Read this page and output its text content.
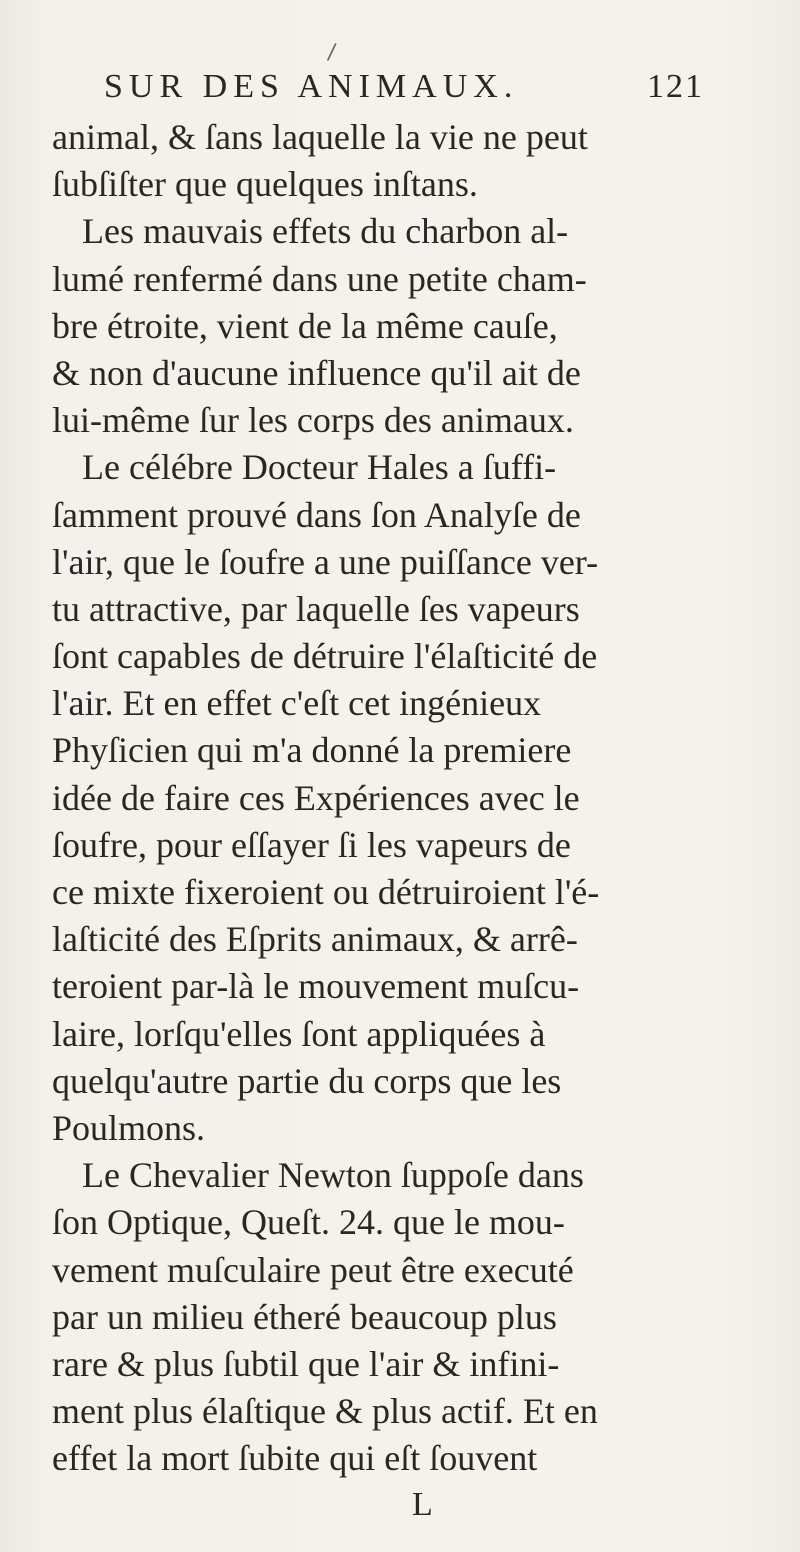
/
SUR DES ANIMAUX.	121
animal, & ſans laquelle la vie ne peut
ſubſiſter que quelques inſtans.
Les mauvais effets du charbon al-
lumé renfermé dans une petite cham-
bre étroite, vient de la même cauſe,
& non d'aucune influence qu'il ait de
lui-même ſur les corps des animaux.
Le célébre Docteur Hales a ſuffi-
ſamment prouvé dans ſon Analyſe de
l'air, que le ſoufre a une puiſſance ver-
tu attractive, par laquelle ſes vapeurs
ſont capables de détruire l'élaſticité de
l'air. Et en effet c'eſt cet ingénieux
Phyſicien qui m'a donné la premiere
idée de faire ces Expériences avec le
ſoufre, pour eſſayer ſi les vapeurs de
ce mixte fixeroient ou détruiroient l'é-
laſticité des Eſprits animaux, & arrê-
teroient par-là le mouvement muſcu-
laire, lorſqu'elles ſont appliquées à
quelqu'autre partie du corps que les
Poulmons.
Le Chevalier Newton ſuppoſe dans
ſon Optique, Queſt. 24. que le mou-
vement muſculaire peut être executé
par un milieu étheré beaucoup plus
rare & plus ſubtil que l'air & infini-
ment plus élaſtique & plus actif. Et en
effet la mort ſubite qui eſt ſouvent
L
